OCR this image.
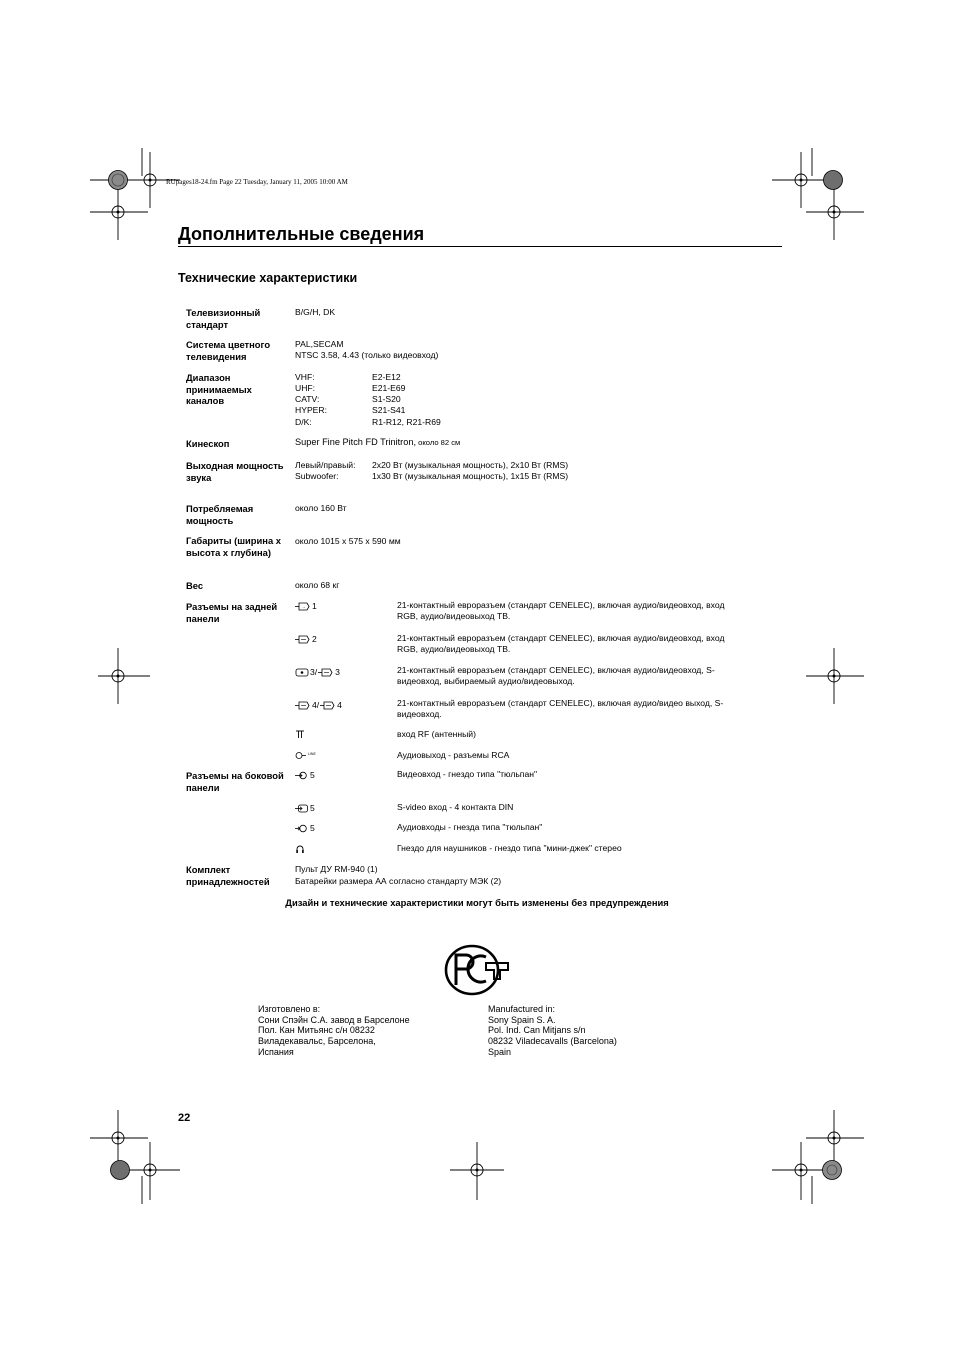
RUpages18-24.fm Page 22 Tuesday, January 11, 2005 10:00 AM
Дополнительные сведения
Технические характеристики
Телевизионный стандарт
B/G/H, DK
Система цветного телевидения
PAL,SECAM
NTSC 3.58, 4.43 (только видеовход)
Диапазон принимаемых каналов
VHF:	E2-E12
UHF:	E21-E69
CATV:	S1-S20
HYPER:	S21-S41
D/K:	R1-R12, R21-R69
Кинескоп	Super Fine Pitch FD Trinitron, около 82 см
Выходная мощность звука
Левый/правый: 2x20 Вт (музыкальная мощность), 2x10 Вт (RMS)
Subwoofer:	1x30 Вт (музыкальная мощность), 1x15 Вт (RMS)
Потребляемая мощность
около 160 Вт
Габариты (ширина х высота х глубина)
около 1015 x 575 x 590 мм
Вес	около 68 кг
Разъемы на задней панели
→ 1	21-контактный евроразъем (стандарт CENELEC), включая аудио/видеовход, вход RGB, аудио/видеовыход ТВ.
2	21-контактный евроразъем (стандарт CENELEC), включая аудио/видеовход, вход RGB, аудио/видеовыход ТВ.
3/ 3	21-контактный евроразъем (стандарт CENELEC), включая аудио/видеовход, S-видеовход, выбираемый аудио/видеовыход.
4/ 4	21-контактный евроразъем (стандарт CENELEC), включая аудио/видео выход, S-видеовход.
вход RF (антенный)
LINE	Аудиовыход - разъемы RCA
Разъемы на боковой панели
5	Видеовход - гнездо типа "тюльпан"
5	S-video вход - 4 контакта DIN
5	Аудиовходы - гнезда типа "тюльпан"
Гнездо для наушников - гнездо типа "мини-джек" стерео
Комплект принадлежностей
Пульт ДУ RM-940 (1)
Батарейки размера АА согласно стандарту МЭК (2)
Дизайн и технические характеристики могут быть изменены без предупреждения
Изготовлено в:
Сони Спэйн С.А. завод в Барселоне
Пол. Кан Митьянс с/н 08232
Виладекавальс, Барселона,
Испания
Manufactured in:
Sony Spain S. A.
Pol. Ind. Can Mitjans s/n
08232 Viladecavalls (Barcelona)
Spain
22
